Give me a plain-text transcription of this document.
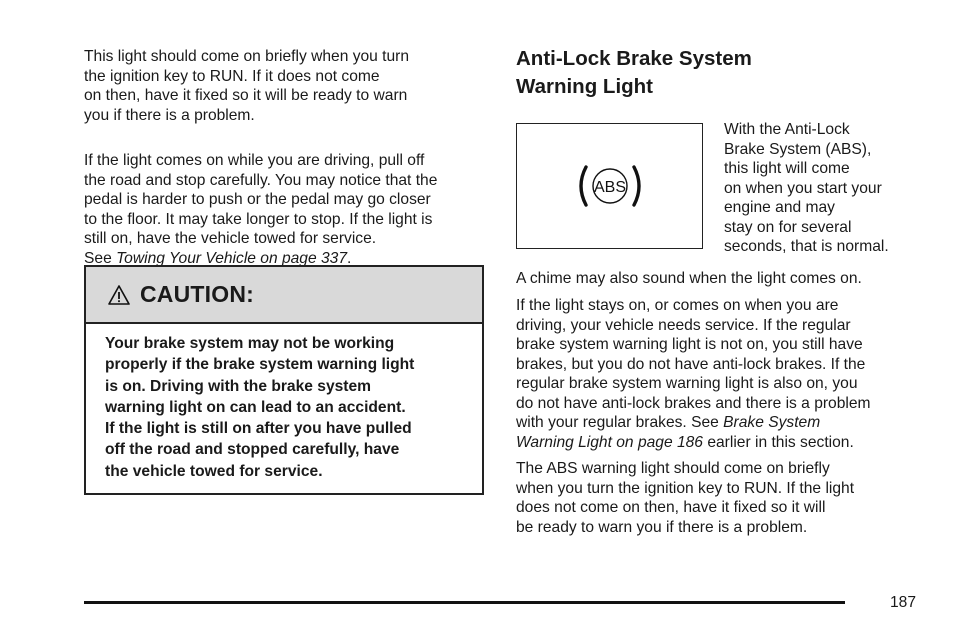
This light should come on briefly when you turn
the ignition key to RUN. If it does not come
on then, have it fixed so it will be ready to warn
you if there is a problem.
If the light comes on while you are driving, pull off
the road and stop carefully. You may notice that the
pedal is harder to push or the pedal may go closer
to the floor. It may take longer to stop. If the light is
still on, have the vehicle towed for service.
See Towing Your Vehicle on page 337.
CAUTION:
Your brake system may not be working
properly if the brake system warning light
is on. Driving with the brake system
warning light on can lead to an accident.
If the light is still on after you have pulled
off the road and stopped carefully, have
the vehicle towed for service.
Anti-Lock Brake System
Warning Light
ABS
With the Anti-Lock
Brake System (ABS),
this light will come
on when you start your
engine and may
stay on for several
seconds, that is normal.
A chime may also sound when the light comes on.
If the light stays on, or comes on when you are
driving, your vehicle needs service. If the regular
brake system warning light is not on, you still have
brakes, but you do not have anti-lock brakes. If the
regular brake system warning light is also on, you
do not have anti-lock brakes and there is a problem
with your regular brakes. See Brake System
Warning Light on page 186 earlier in this section.
The ABS warning light should come on briefly
when you turn the ignition key to RUN. If the light
does not come on then, have it fixed so it will
be ready to warn you if there is a problem.
187
